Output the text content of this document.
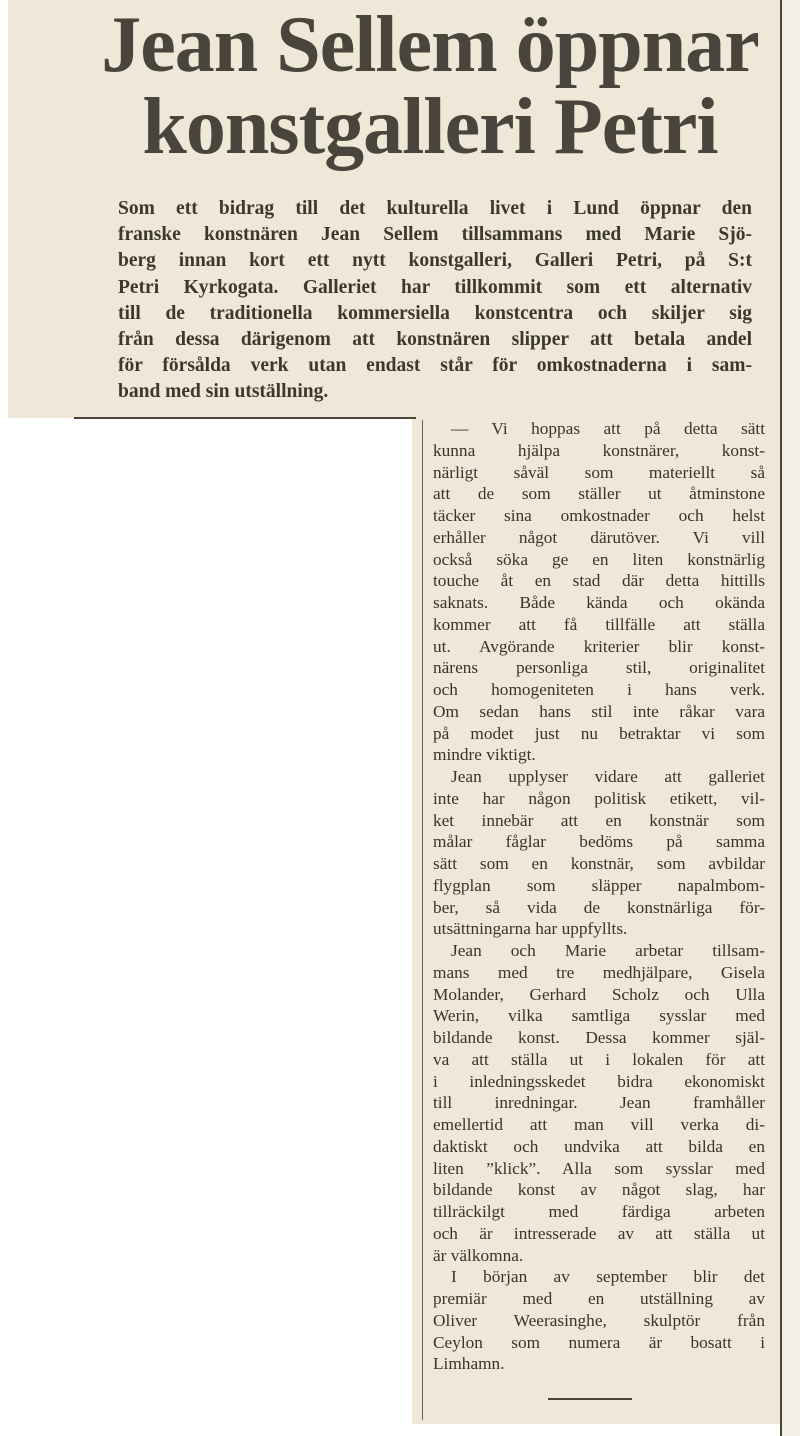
Jean Sellem öppnar
konstgalleri Petri
Som ett bidrag till det kulturella livet i Lund öppnar den
franske konstnären Jean Sellem tillsammans med Marie Sjö-
berg innan kort ett nytt konstgalleri, Galleri Petri, på S:t
Petri Kyrkogata. Galleriet har tillkommit som ett alternativ
till de traditionella kommersiella konstcentra och skiljer sig
från dessa därigenom att konstnären slipper att betala andel
för försålda verk utan endast står för omkostnaderna i sam-
band med sin utställning.
— Vi hoppas att på detta sätt
kunna hjälpa konstnärer, konst-
närligt såväl som materiellt så
att de som ställer ut åtminstone
täcker sina omkostnader och helst
erhåller något därutöver. Vi vill
också söka ge en liten konstnärlig
touche åt en stad där detta hittills
saknats. Både kända och okända
kommer att få tillfälle att ställa
ut. Avgörande kriterier blir konst-
närens personliga stil, originalitet
och homogeniteten i hans verk.
Om sedan hans stil inte råkar vara
på modet just nu betraktar vi som
mindre viktigt.
Jean upplyser vidare att galleriet
inte har någon politisk etikett, vil-
ket innebär att en konstnär som
målar fåglar bedöms på samma
sätt som en konstnär, som avbildar
flygplan som släpper napalmbom-
ber, så vida de konstnärliga för-
utsättningarna har uppfyllts.
Jean och Marie arbetar tillsam-
mans med tre medhjälpare, Gisela
Molander, Gerhard Scholz och Ulla
Werin, vilka samtliga sysslar med
bildande konst. Dessa kommer själ-
va att ställa ut i lokalen för att
i inledningsskedet bidra ekonomiskt
till inredningar. Jean framhåller
emellertid att man vill verka di-
daktiskt och undvika att bilda en
liten ”klick”. Alla som sysslar med
bildande konst av något slag, har
tillräckilgt med färdiga arbeten
och är intresserade av att ställa ut
är välkomna.
I början av september blir det
premiär med en utställning av
Oliver Weerasinghe, skulptör från
Ceylon som numera är bosatt i
Limhamn.
